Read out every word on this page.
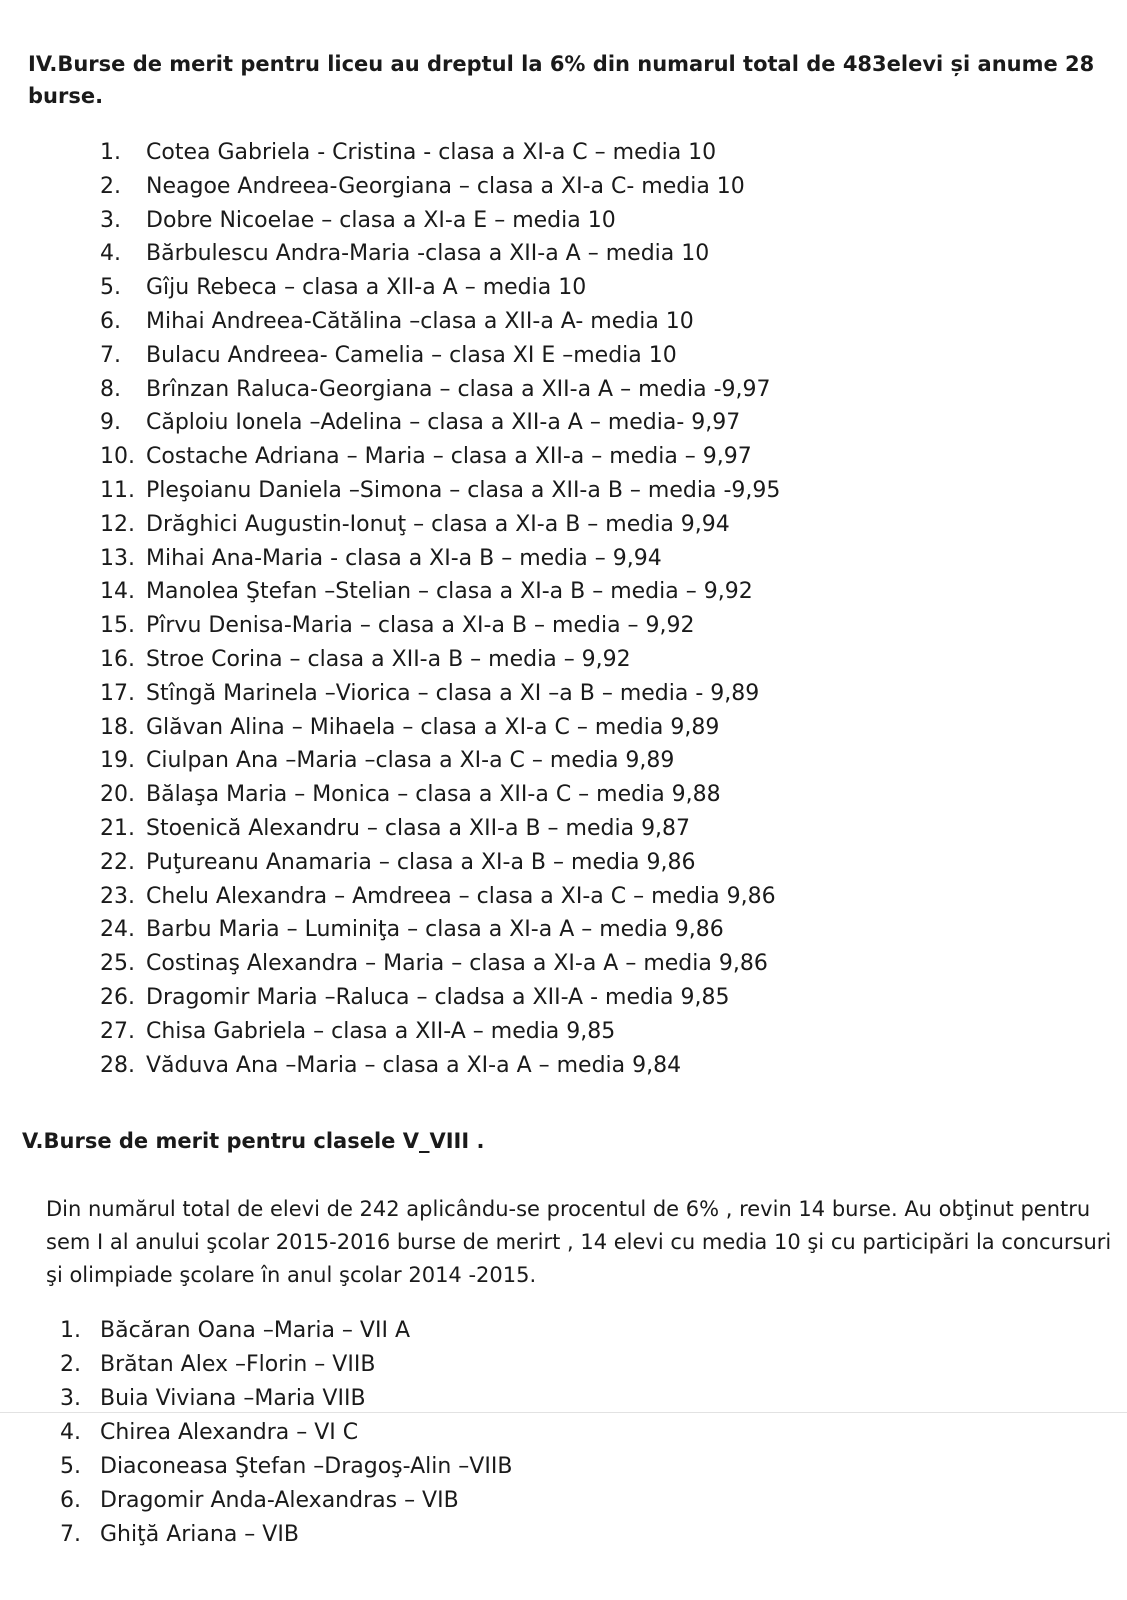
IV.Burse de merit pentru liceu au dreptul la 6% din numarul total de 483elevi și anume 28 burse.

1. Cotea Gabriela - Cristina - clasa a XI-a C – media 10
2. Neagoe Andreea-Georgiana – clasa a XI-a C- media 10
3. Dobre Nicoelae – clasa a XI-a E – media 10
4. Bărbulescu Andra-Maria -clasa a XII-a A – media 10
5. Gîju Rebeca – clasa a XII-a A – media 10
6. Mihai Andreea-Cătălina –clasa a XII-a A- media 10
7. Bulacu Andreea- Camelia – clasa XI E –media 10
8. Brînzan Raluca-Georgiana – clasa a XII-a A – media -9,97
9. Căploiu Ionela –Adelina – clasa a XII-a A – media- 9,97
10. Costache Adriana – Maria – clasa a XII-a – media – 9,97
11. Pleşoianu Daniela –Simona – clasa a XII-a B – media -9,95
12. Drăghici Augustin-Ionuţ – clasa a XI-a B – media 9,94
13. Mihai Ana-Maria - clasa a XI-a B – media – 9,94
14. Manolea Ştefan –Stelian – clasa a XI-a B – media – 9,92
15. Pîrvu Denisa-Maria – clasa a XI-a B – media – 9,92
16. Stroe Corina – clasa a XII-a B – media – 9,92
17. Stîngă Marinela –Viorica – clasa a XI –a B – media - 9,89
18. Glăvan Alina – Mihaela – clasa a XI-a C – media 9,89
19. Ciulpan Ana –Maria –clasa a XI-a C – media 9,89
20. Bălaşa Maria – Monica – clasa a XII-a C – media 9,88
21. Stoenică Alexandru – clasa a XII-a B – media 9,87
22. Puţureanu Anamaria – clasa a XI-a B – media 9,86
23. Chelu Alexandra – Amdreea – clasa a XI-a C – media 9,86
24. Barbu Maria – Luminiţa – clasa a XI-a A – media 9,86
25. Costinaş Alexandra – Maria – clasa a XI-a A – media 9,86
26. Dragomir Maria –Raluca – cladsa a XII-A - media 9,85
27. Chisa Gabriela – clasa a XII-A – media 9,85
28. Văduva Ana –Maria – clasa a XI-a A – media 9,84

V.Burse de merit pentru clasele V_VIII .

Din numărul total de elevi de 242 aplicându-se procentul de 6% , revin 14 burse. Au obţinut pentru sem I al anului şcolar 2015-2016 burse de merirt , 14 elevi cu media 10 şi cu participări la concursuri şi olimpiade şcolare în anul şcolar 2014 -2015.

1. Băcăran Oana –Maria – VII A
2. Brătan Alex –Florin – VIIB
3. Buia Viviana –Maria VIIB
4. Chirea Alexandra – VI C
5. Diaconeasa Ştefan –Dragoş-Alin –VIIB
6. Dragomir Anda-Alexandras – VIB
7. Ghiţă Ariana – VIB
